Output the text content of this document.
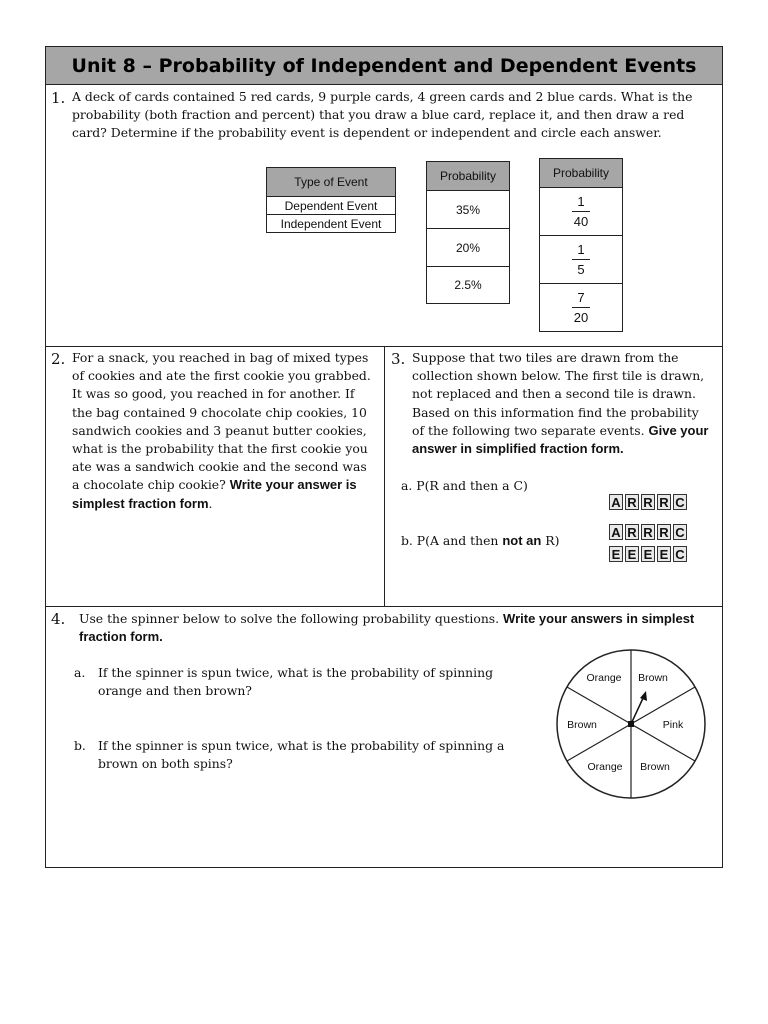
Unit 8 – Probability of Independent and Dependent Events
1. A deck of cards contained 5 red cards, 9 purple cards, 4 green cards and 2 blue cards. What is the
probability (both fraction and percent) that you draw a blue card, replace it, and then draw a red
card? Determine if the probability event is dependent or independent and circle each answer.
Type of Event
Dependent Event
Independent Event
Probability
35%
20%
2.5%
Probability

$\frac{1}{40}$

$\frac{1}{5}$

$\frac{7}{20}$
2. For a snack, you reached in bag of mixed types
of cookies and ate the first cookie you grabbed.
It was so good, you reached in for another. If
the bag contained 9 chocolate chip cookies, 10
sandwich cookies and 3 peanut butter cookies,
what is the probability that the first cookie you
ate was a sandwich cookie and the second was
a chocolate chip cookie? Write your answer is
simplest fraction form.
3. Suppose that two tiles are drawn from the
collection shown below. The first tile is drawn,
not replaced and then a second tile is drawn.
Based on this information find the probability
of the following two separate events. Give your
answer in simplified fraction form.
a. P(R and then a C)
b. P(A and then not an R)
A R R R C
A R R R C
E E E E C
4. Use the spinner below to solve the following probability questions. Write your answers in simplest
fraction form.
a. If the spinner is spun twice, what is the probability of spinning
orange and then brown?
b. If the spinner is spun twice, what is the probability of spinning a
brown on both spins?
Orange Brown
Pink
Brown
Orange
Brown
